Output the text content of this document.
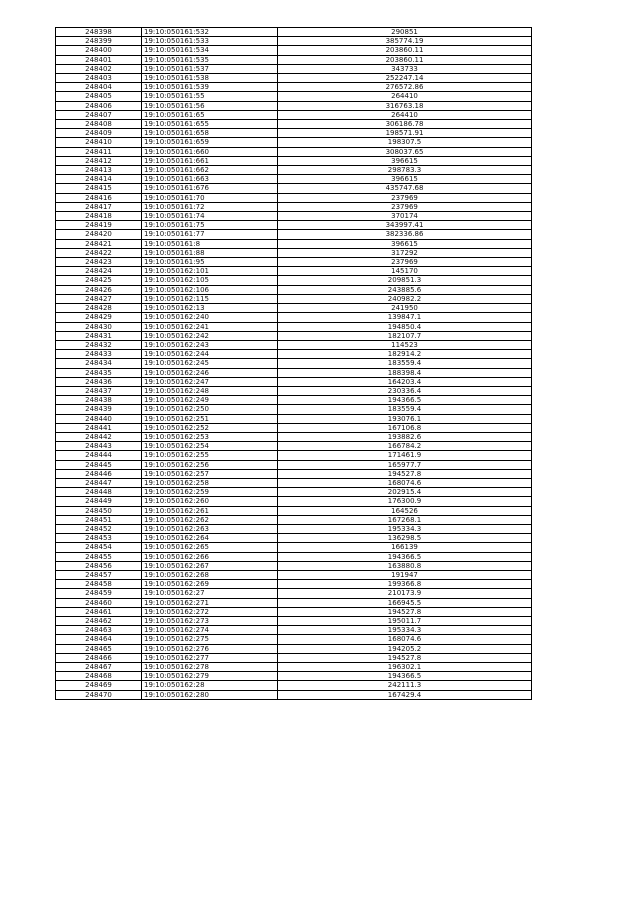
248398	19:10:050161:532	290851
248399	19:10:050161:533	385774.19
248400	19:10:050161:534	203860.11
248401	19:10:050161:535	203860.11
248402	19:10:050161:537	343733
248403	19:10:050161:538	252247.14
248404	19:10:050161:539	276572.86
248405	19:10:050161:55	264410
248406	19:10:050161:56	316763.18
248407	19:10:050161:65	264410
248408	19:10:050161:655	306186.78
248409	19:10:050161:658	198571.91
248410	19:10:050161:659	198307.5
248411	19:10:050161:660	308037.65
248412	19:10:050161:661	396615
248413	19:10:050161:662	298783.3
248414	19:10:050161:663	396615
248415	19:10:050161:676	435747.68
248416	19:10:050161:70	237969
248417	19:10:050161:72	237969
248418	19:10:050161:74	370174
248419	19:10:050161:75	343997.41
248420	19:10:050161:77	382336.86
248421	19:10:050161:8	396615
248422	19:10:050161:88	317292
248423	19:10:050161:95	237969
248424	19:10:050162:101	145170
248425	19:10:050162:105	209851.3
248426	19:10:050162:106	243885.6
248427	19:10:050162:115	240982.2
248428	19:10:050162:13	241950
248429	19:10:050162:240	139847.1
248430	19:10:050162:241	194850.4
248431	19:10:050162:242	182107.7
248432	19:10:050162:243	114523
248433	19:10:050162:244	182914.2
248434	19:10:050162:245	183559.4
248435	19:10:050162:246	188398.4
248436	19:10:050162:247	164203.4
248437	19:10:050162:248	230336.4
248438	19:10:050162:249	194366.5
248439	19:10:050162:250	183559.4
248440	19:10:050162:251	193076.1
248441	19:10:050162:252	167106.8
248442	19:10:050162:253	193882.6
248443	19:10:050162:254	166784.2
248444	19:10:050162:255	171461.9
248445	19:10:050162:256	165977.7
248446	19:10:050162:257	194527.8
248447	19:10:050162:258	168074.6
248448	19:10:050162:259	202915.4
248449	19:10:050162:260	176300.9
248450	19:10:050162:261	164526
248451	19:10:050162:262	167268.1
248452	19:10:050162:263	195334.3
248453	19:10:050162:264	136298.5
248454	19:10:050162:265	166139
248455	19:10:050162:266	194366.5
248456	19:10:050162:267	163880.8
248457	19:10:050162:268	191947
248458	19:10:050162:269	199366.8
248459	19:10:050162:27	210173.9
248460	19:10:050162:271	166945.5
248461	19:10:050162:272	194527.8
248462	19:10:050162:273	195011.7
248463	19:10:050162:274	195334.3
248464	19:10:050162:275	168074.6
248465	19:10:050162:276	194205.2
248466	19:10:050162:277	194527.8
248467	19:10:050162:278	196302.1
248468	19:10:050162:279	194366.5
248469	19:10:050162:28	242111.3
248470	19:10:050162:280	167429.4
